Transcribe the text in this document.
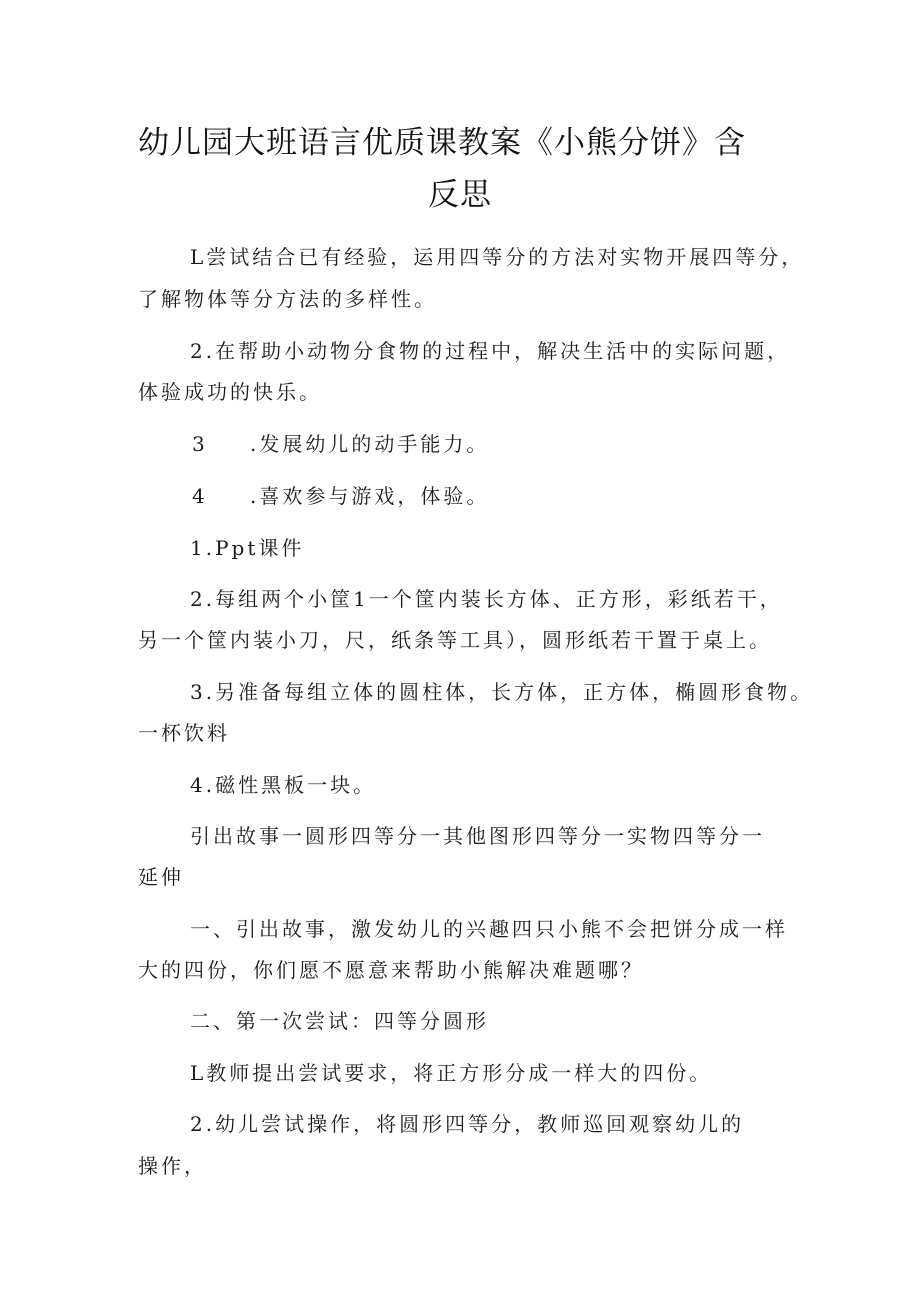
幼儿园大班语言优质课教案《小熊分饼》含
反思

L尝试结合已有经验，运用四等分的方法对实物开展四等分，

了解物体等分方法的多样性。

2.在帮助小动物分食物的过程中，解决生活中的实际问题，

体验成功的快乐。

3 .发展幼儿的动手能力。

4 .喜欢参与游戏，体验。

1.Ppt课件

2.每组两个小筐1一个筐内装长方体、正方形，彩纸若干，

另一个筐内装小刀，尺，纸条等工具），圆形纸若干置于桌上。

3.另准备每组立体的圆柱体，长方体，正方体，椭圆形食物。

一杯饮料

4.磁性黑板一块。

引出故事一圆形四等分一其他图形四等分一实物四等分一

延伸

一、引出故事，激发幼儿的兴趣四只小熊不会把饼分成一样

大的四份，你们愿不愿意来帮助小熊解决难题哪？

二、第一次尝试：四等分圆形

L教师提出尝试要求，将正方形分成一样大的四份。

2.幼儿尝试操作，将圆形四等分，教师巡回观察幼儿的

操作，
